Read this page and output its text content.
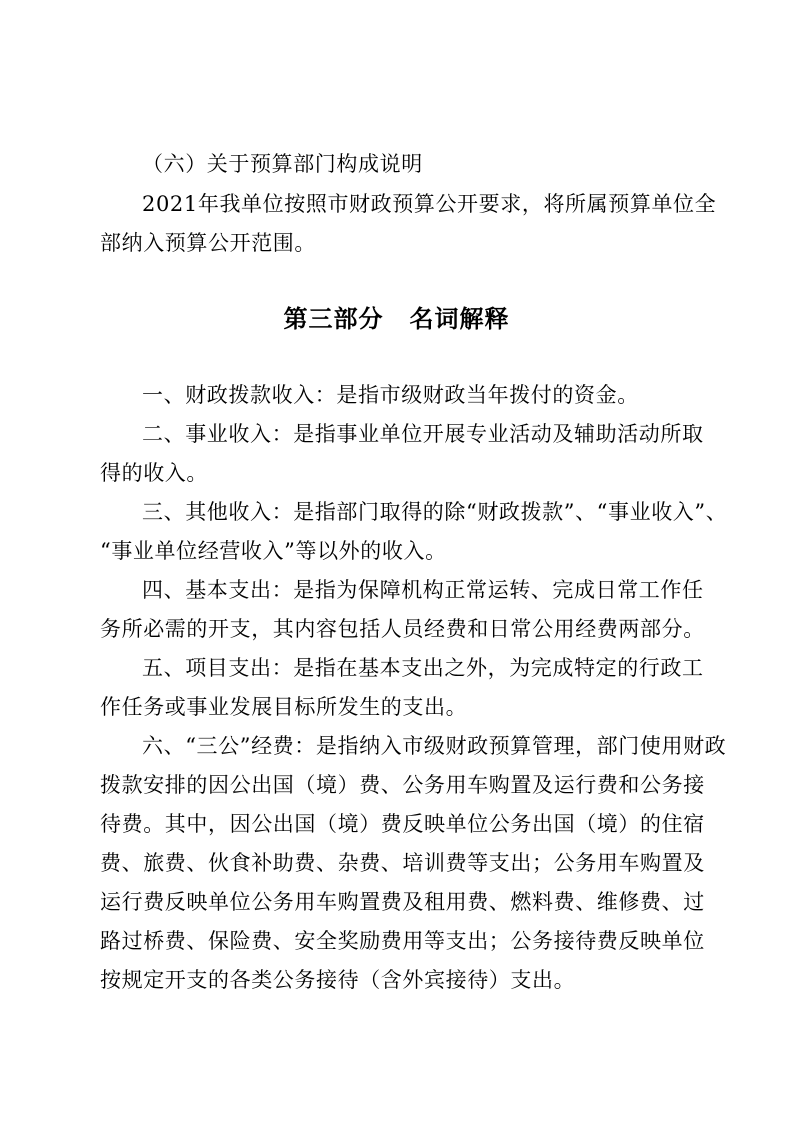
（六）关于预算部门构成说明
2021年我单位按照市财政预算公开要求，将所属预算单位全
部纳入预算公开范围。
第三部分 名词解释
一、财政拨款收入：是指市级财政当年拨付的资金。
二、事业收入：是指事业单位开展专业活动及辅助活动所取
得的收入。
三、其他收入：是指部门取得的除“财政拨款”、“事业收入”、
“事业单位经营收入”等以外的收入。
四、基本支出：是指为保障机构正常运转、完成日常工作任
务所必需的开支，其内容包括人员经费和日常公用经费两部分。
五、项目支出：是指在基本支出之外，为完成特定的行政工
作任务或事业发展目标所发生的支出。
六、“三公”经费：是指纳入市级财政预算管理，部门使用财政
拨款安排的因公出国（境）费、公务用车购置及运行费和公务接
待费。其中，因公出国（境）费反映单位公务出国（境）的住宿
费、旅费、伙食补助费、杂费、培训费等支出；公务用车购置及
运行费反映单位公务用车购置费及租用费、燃料费、维修费、过
路过桥费、保险费、安全奖励费用等支出；公务接待费反映单位
按规定开支的各类公务接待（含外宾接待）支出。
